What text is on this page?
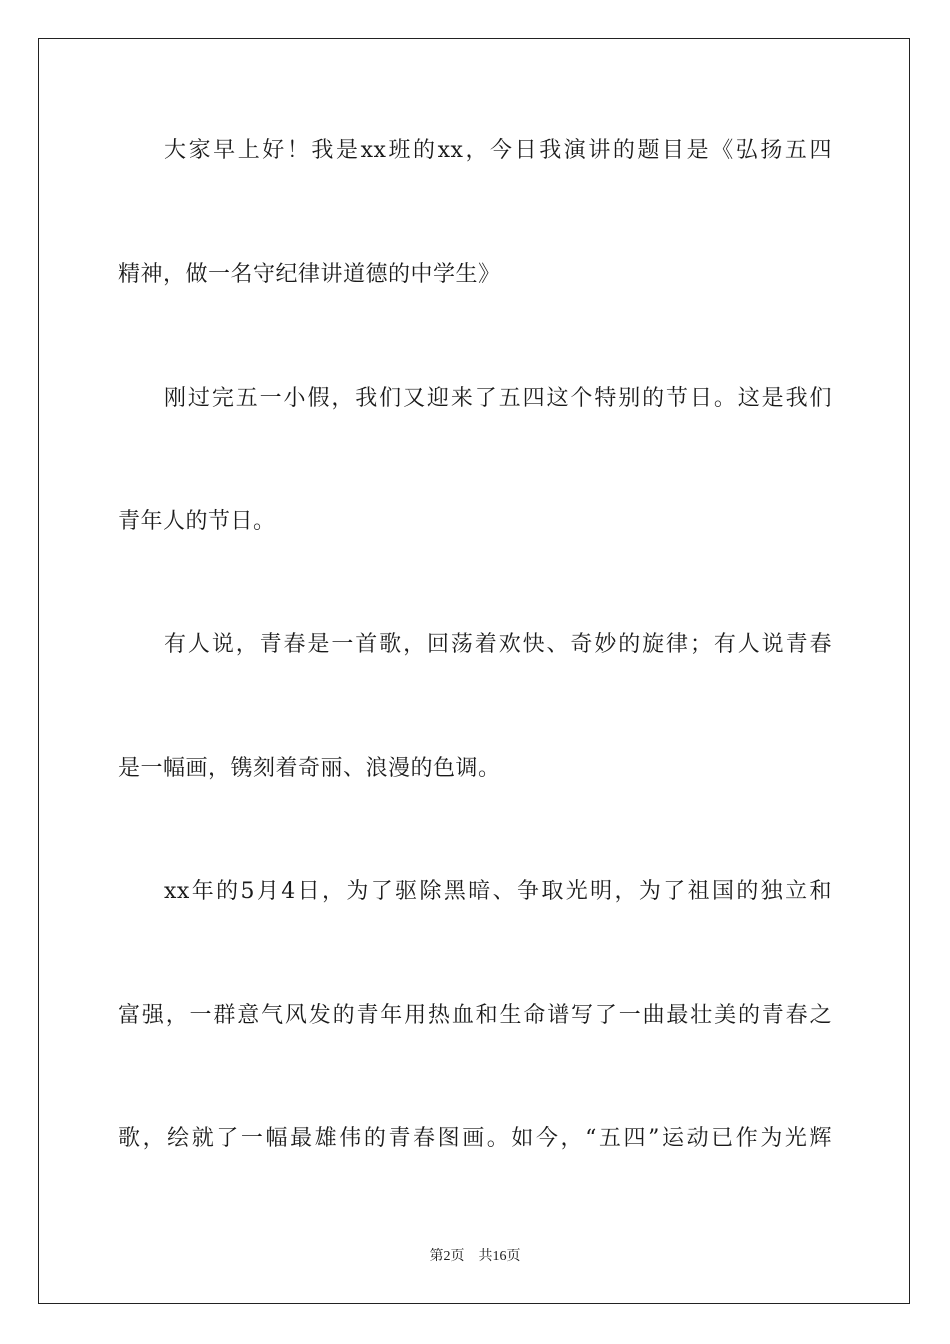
大家早上好！我是xx班的xx，今日我演讲的题目是《弘扬五四

精神，做一名守纪律讲道德的中学生》

刚过完五一小假，我们又迎来了五四这个特别的节日。这是我们

青年人的节日。

有人说，青春是一首歌，回荡着欢快、奇妙的旋律；有人说青春

是一幅画，镌刻着奇丽、浪漫的色调。

xx年的5月4日，为了驱除黑暗、争取光明，为了祖国的独立和

富强，一群意气风发的青年用热血和生命谱写了一曲最壮美的青春之

歌，绘就了一幅最雄伟的青春图画。如今，“五四”运动已作为光辉

第2页 共16页
